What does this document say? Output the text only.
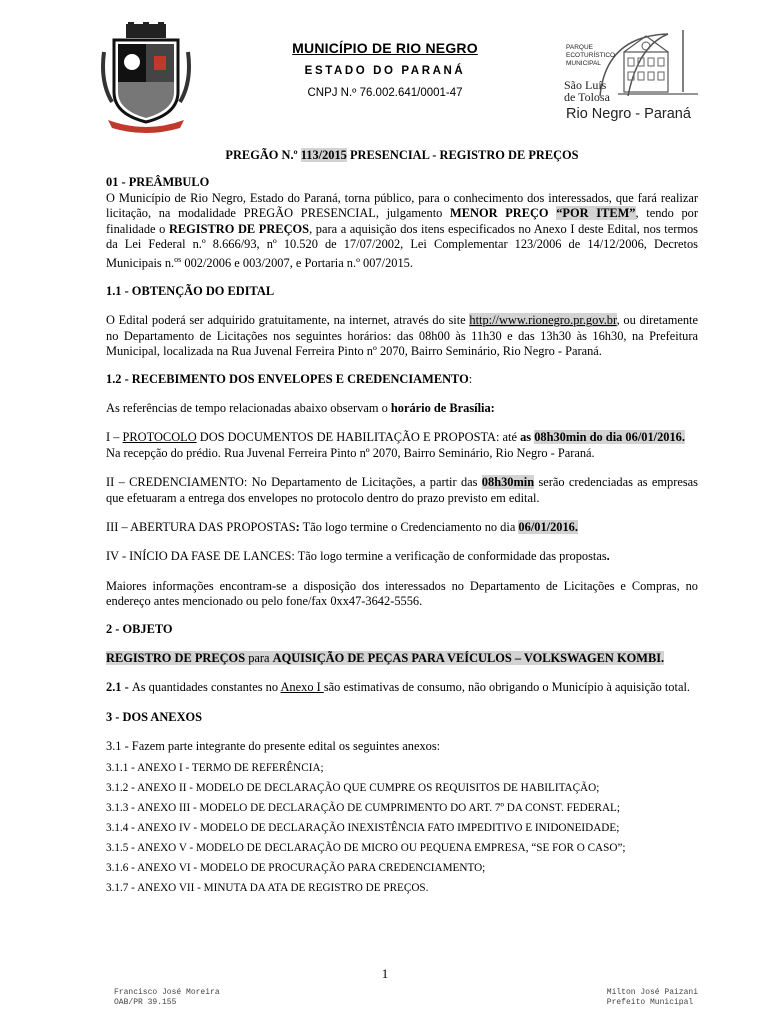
MUNICÍPIO DE RIO NEGRO
ESTADO DO PARANÁ
CNPJ N.º 76.002.641/0001-47
PARQUE
ECOTURÍSTICO
MUNICIPAL
São Luís
de Tolosa
Rio Negro - Paraná
PREGÃO N.º 113/2015 PRESENCIAL - REGISTRO DE PREÇOS
01 - PREÂMBULO

O Município de Rio Negro, Estado do Paraná, torna público, para o conhecimento dos interessados, que fará realizar licitação, na modalidade PREGÃO PRESENCIAL, julgamento MENOR PREÇO “POR ITEM”, tendo por finalidade o REGISTRO DE PREÇOS, para a aquisição dos itens especificados no Anexo I deste Edital, nos termos da Lei Federal n.º 8.666/93, nº 10.520 de 17/07/2002, Lei Complementar 123/2006 de 14/12/2006, Decretos Municipais n.$^{os}$ 002/2006 e 003/2007, e Portaria n.º 007/2015.

1.1 - OBTENÇÃO DO EDITAL

O Edital poderá ser adquirido gratuitamente, na internet, através do site http://www.rionegro.pr.gov.br, ou diretamente no Departamento de Licitações nos seguintes horários: das 08h00 às 11h30 e das 13h30 às 16h30, na Prefeitura Municipal, localizada na Rua Juvenal Ferreira Pinto nº 2070, Bairro Seminário, Rio Negro - Paraná.

1.2 - RECEBIMENTO DOS ENVELOPES E CREDENCIAMENTO:

As referências de tempo relacionadas abaixo observam o horário de Brasília:

I – PROTOCOLO DOS DOCUMENTOS DE HABILITAÇÃO E PROPOSTA: até as 08h30min do dia 06/01/2016.
Na recepção do prédio. Rua Juvenal Ferreira Pinto nº 2070, Bairro Seminário, Rio Negro - Paraná.

II – CREDENCIAMENTO: No Departamento de Licitações, a partir das 08h30min serão credenciadas as empresas que efetuaram a entrega dos envelopes no protocolo dentro do prazo previsto em edital.

III – ABERTURA DAS PROPOSTAS: Tão logo termine o Credenciamento no dia 06/01/2016.

IV - INÍCIO DA FASE DE LANCES: Tão logo termine a verificação de conformidade das propostas.

Maiores informações encontram-se a disposição dos interessados no Departamento de Licitações e Compras, no endereço antes mencionado ou pelo fone/fax 0xx47-3642-5556.

2 - OBJETO

REGISTRO DE PREÇOS para AQUISIÇÃO DE PEÇAS PARA VEÍCULOS – VOLKSWAGEN KOMBI.

2.1 - As quantidades constantes no Anexo I são estimativas de consumo, não obrigando o Município à aquisição total.

3 - DOS ANEXOS

3.1 - Fazem parte integrante do presente edital os seguintes anexos:

3.1.1 - ANEXO I - TERMO DE REFERÊNCIA;
3.1.2 - ANEXO II - MODELO DE DECLARAÇÃO QUE CUMPRE OS REQUISITOS DE HABILITAÇÃO;
3.1.3 - ANEXO III - MODELO DE DECLARAÇÃO DE CUMPRIMENTO DO ART. 7º DA CONST. FEDERAL;
3.1.4 - ANEXO IV - MODELO DE DECLARAÇÃO INEXISTÊNCIA FATO IMPEDITIVO E INIDONEIDADE;
3.1.5 - ANEXO V - MODELO DE DECLARAÇÃO DE MICRO OU PEQUENA EMPRESA, “SE FOR O CASO”;
3.1.6 - ANEXO VI - MODELO DE PROCURAÇÃO PARA CREDENCIAMENTO;
3.1.7 - ANEXO VII - MINUTA DA ATA DE REGISTRO DE PREÇOS.
1
Francisco José Moreira
OAB/PR 39.155
Milton José Paizani
Prefeito Municipal
